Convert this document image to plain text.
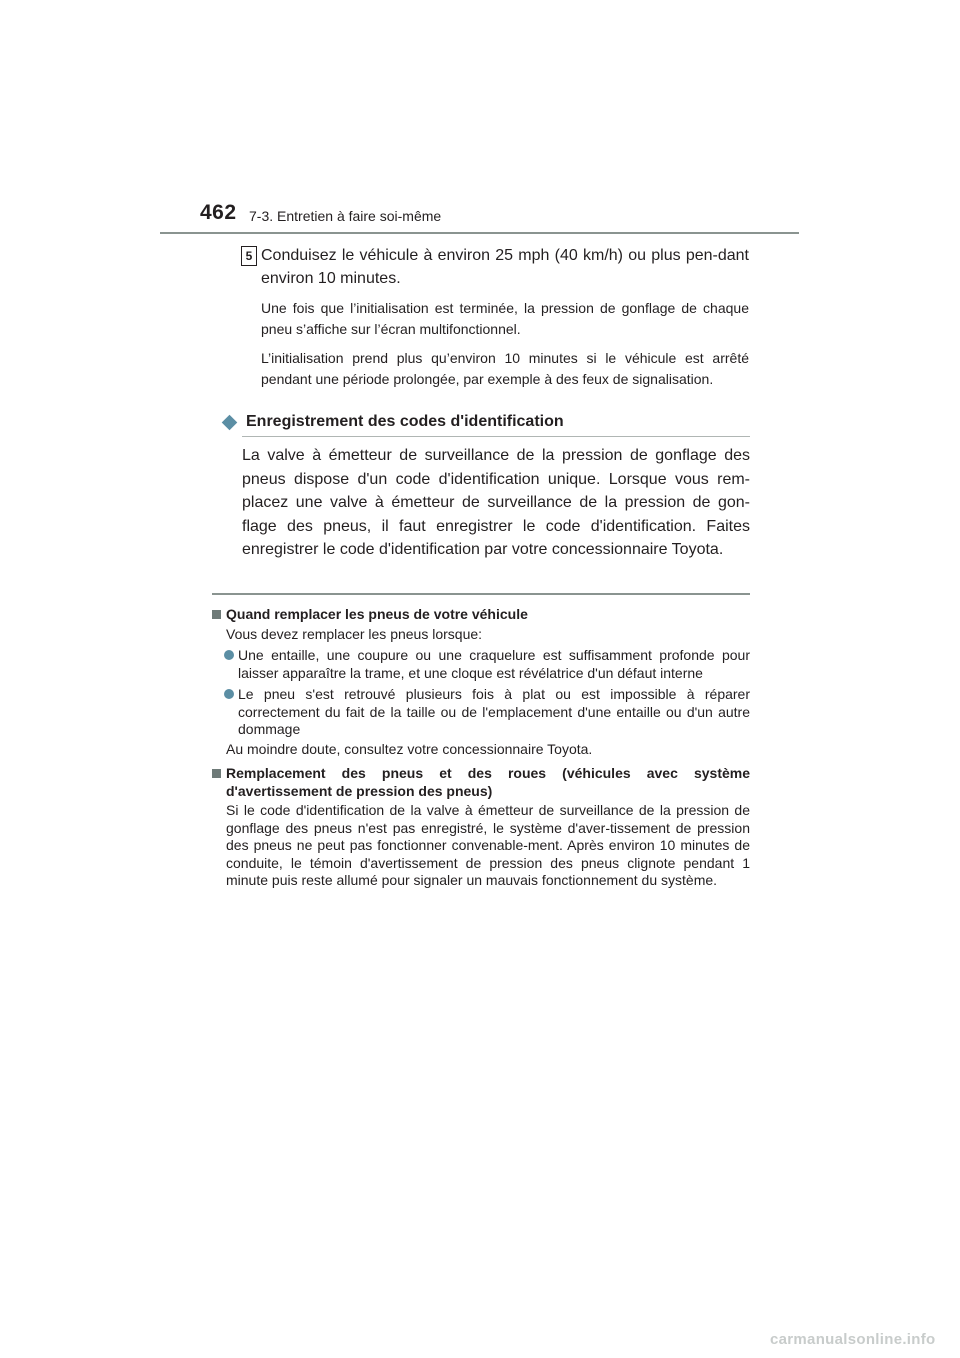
462 7-3. Entretien à faire soi-même
5 Conduisez le véhicule à environ 25 mph (40 km/h) ou plus pen-dant environ 10 minutes.
Une fois que l’initialisation est terminée, la pression de gonflage de chaque pneu s’affiche sur l’écran multifonctionnel.
L’initialisation prend plus qu’environ 10 minutes si le véhicule est arrêté pendant une période prolongée, par exemple à des feux de signalisation.
Enregistrement des codes d'identification
La valve à émetteur de surveillance de la pression de gonflage des pneus dispose d'un code d'identification unique. Lorsque vous rem-placez une valve à émetteur de surveillance de la pression de gon-flage des pneus, il faut enregistrer le code d'identification. Faites enregistrer le code d'identification par votre concessionnaire Toyota.
Quand remplacer les pneus de votre véhicule
Vous devez remplacer les pneus lorsque:
Une entaille, une coupure ou une craquelure est suffisamment profonde pour laisser apparaître la trame, et une cloque est révélatrice d'un défaut interne
Le pneu s'est retrouvé plusieurs fois à plat ou est impossible à réparer correctement du fait de la taille ou de l'emplacement d'une entaille ou d'un autre dommage
Au moindre doute, consultez votre concessionnaire Toyota.
Remplacement des pneus et des roues (véhicules avec système d'avertissement de pression des pneus)
Si le code d'identification de la valve à émetteur de surveillance de la pression de gonflage des pneus n'est pas enregistré, le système d'aver-tissement de pression des pneus ne peut pas fonctionner convenable-ment. Après environ 10 minutes de conduite, le témoin d'avertissement de pression des pneus clignote pendant 1 minute puis reste allumé pour signaler un mauvais fonctionnement du système.
carmanualsonline.info
